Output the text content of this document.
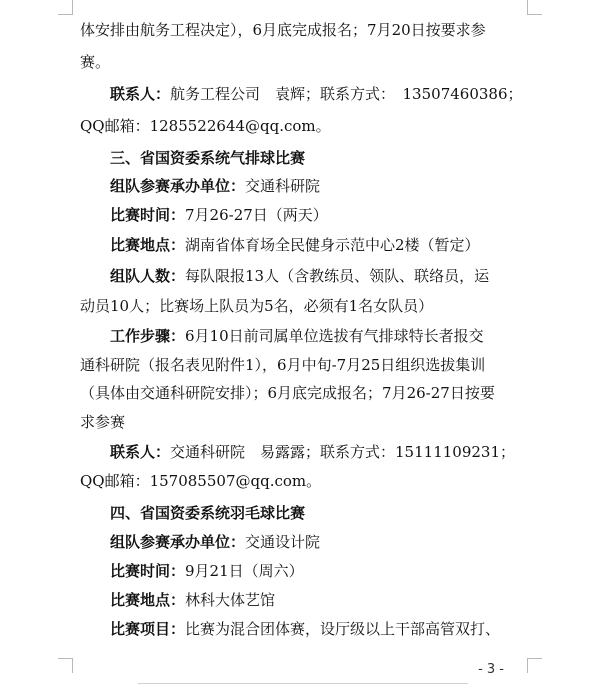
体安排由航务工程决定），6月底完成报名；7月20日按要求参
赛。
联系人：航务工程公司　袁辉；联系方式：　13507460386；
QQ邮箱：1285522644@qq.com。
三、省国资委系统气排球比赛
组队参赛承办单位：交通科研院
比赛时间：7月26-27日（两天）
比赛地点：湖南省体育场全民健身示范中心2楼（暂定）
组队人数：每队限报13人（含教练员、领队、联络员，运
动员10人；比赛场上队员为5名，必须有1名女队员）
工作步骤：6月10日前司属单位选拔有气排球特长者报交
通科研院（报名表见附件1），6月中旬-7月25日组织选拔集训
（具体由交通科研院安排）；6月底完成报名；7月26-27日按要
求参赛
联系人：交通科研院　易露露；联系方式：15111109231；
QQ邮箱：157085507@qq.com。
四、省国资委系统羽毛球比赛
组队参赛承办单位：交通设计院
比赛时间：9月21日（周六）
比赛地点：林科大体艺馆
比赛项目：比赛为混合团体赛，设厅级以上干部高管双打、
- 3 -
